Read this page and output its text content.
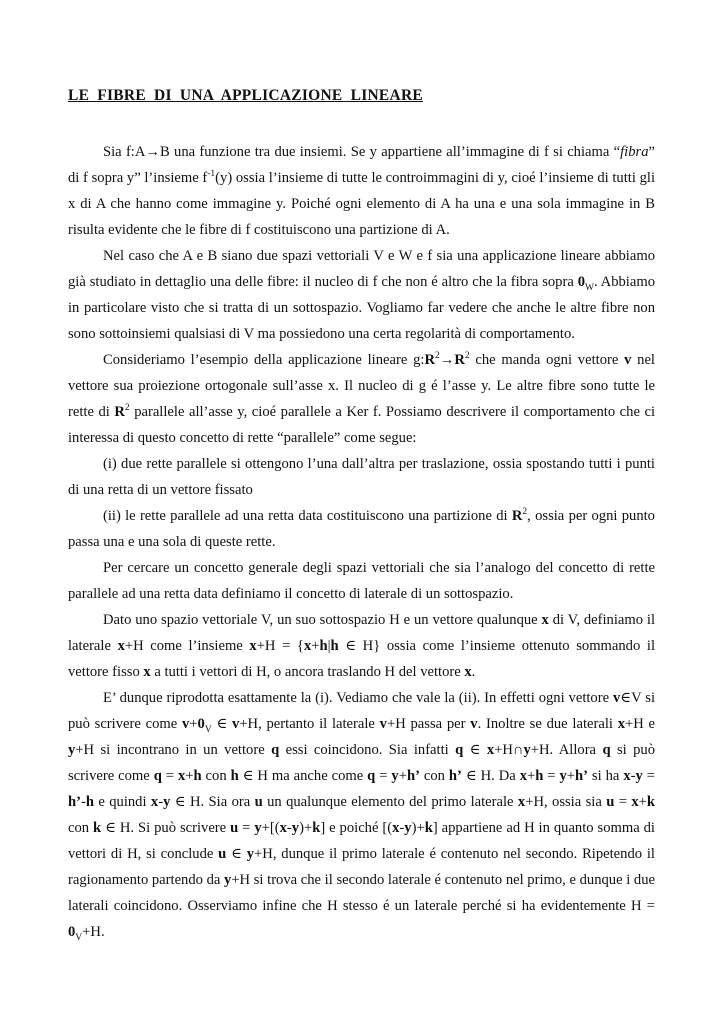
LE FIBRE DI UNA APPLICAZIONE LINEARE

Sia f:A→B una funzione tra due insiemi. Se y appartiene all’immagine di f si chiama “fibra” di f sopra y” l’insieme $f^{-1}(y)$ ossia l’insieme di tutte le controimmagini di y, cioé l’insieme di tutti gli x di A che hanno come immagine y. Poiché ogni elemento di A ha una e una sola immagine in B risulta evidente che le fibre di f costituiscono una partizione di A.

Nel caso che A e B siano due spazi vettoriali V e W e f sia una applicazione lineare abbiamo già studiato in dettaglio una delle fibre: il nucleo di f che non é altro che la fibra sopra $0_W$. Abbiamo in particolare visto che si tratta di un sottospazio. Vogliamo far vedere che anche le altre fibre non sono sottoinsiemi qualsiasi di V ma possiedono una certa regolarità di comportamento.

Consideriamo l’esempio della applicazione lineare $g:R^2\to R^2$ che manda ogni vettore v nel vettore sua proiezione ortogonale sull’asse x. Il nucleo di g é l’asse y. Le altre fibre sono tutte le rette di $R^2$ parallele all’asse y, cioé parallele a Ker f. Possiamo descrivere il comportamento che ci interessa di questo concetto di rette “parallele” come segue:

(i) due rette parallele si ottengono l’una dall’altra per traslazione, ossia spostando tutti i punti di una retta di un vettore fissato

(ii) le rette parallele ad una retta data costituiscono una partizione di $R^2$, ossia per ogni punto passa una e una sola di queste rette.

Per cercare un concetto generale degli spazi vettoriali che sia l’analogo del concetto di rette parallele ad una retta data definiamo il concetto di laterale di un sottospazio.

Dato uno spazio vettoriale V, un suo sottospazio H e un vettore qualunque x di V, definiamo il laterale x+H come l’insieme x+H = {x+h|h ∈ H} ossia come l’insieme ottenuto sommando il vettore fisso x a tutti i vettori di H, o ancora traslando H del vettore x.

E’ dunque riprodotta esattamente la (i). Vediamo che vale la (ii). In effetti ogni vettore v∈V si può scrivere come $v+0_V$ ∈ v+H, pertanto il laterale v+H passa per v. Inoltre se due laterali x+H e y+H si incontrano in un vettore q essi coincidono. Sia infatti q ∈ x+H∩y+H. Allora q si può scrivere come q = x+h con h ∈ H ma anche come q = y+h’ con h’ ∈ H. Da x+h = y+h’ si ha x-y = h’-h e quindi x-y ∈ H. Sia ora u un qualunque elemento del primo laterale x+H, ossia sia u = x+k con k ∈ H. Si può scrivere u = y+[(x-y)+k] e poiché [(x-y)+k] appartiene ad H in quanto somma di vettori di H, si conclude u ∈ y+H, dunque il primo laterale é contenuto nel secondo. Ripetendo il ragionamento partendo da y+H si trova che il secondo laterale é contenuto nel primo, e dunque i due laterali coincidono. Osserviamo infine che H stesso é un laterale perché si ha evidentemente $H = 0_V+H$.
